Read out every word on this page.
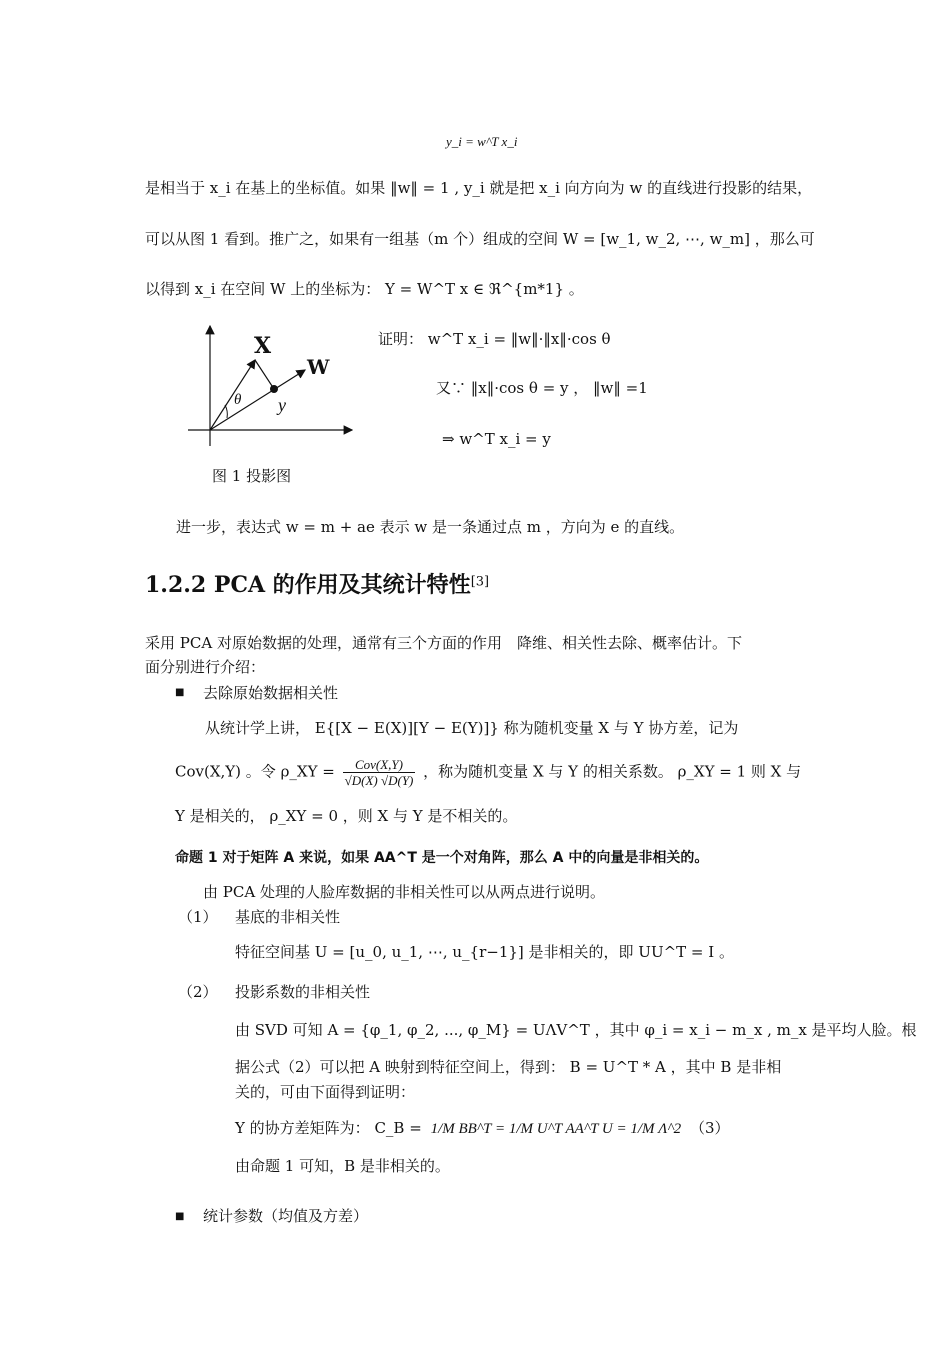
y_i = w^T x_i
是相当于 x_i 在基上的坐标值。如果 ‖w‖ = 1 , y_i 就是把 x_i 向方向为 w 的直线进行投影的结果，
可以从图 1 看到。推广之，如果有一组基（m 个）组成的空间 W = [w_1, w_2, ⋯, w_m] ，那么可
以得到 x_i 在空间 W 上的坐标为： Y = W^T x ∈ ℜ^{m*1} 。
X
W
θ y
图 1 投影图
证明： w^T x_i = ‖w‖·‖x‖·cos θ
又∵ ‖x‖·cos θ = y ， ‖w‖ =1
⇒ w^T x_i = y
进一步，表达式 w = m + ae 表示 w 是一条通过点 m ，方向为 e 的直线。
1.2.2 PCA 的作用及其统计特性[3]
采用 PCA 对原始数据的处理，通常有三个方面的作用　降维、相关性去除、概率估计。下
面分别进行介绍：
■ 去除原始数据相关性
从统计学上讲， E{[X − E(X)][Y − E(Y)]} 称为随机变量 X 与 Y 协方差，记为
Cov(X,Y) 。令 ρ_XY = $\frac{\text{Cov(X,Y)}}{√D(X) √D(Y)}$ ，称为随机变量 X 与 Y 的相关系数。 ρ_XY = 1 则 X 与
Y 是相关的， ρ_XY = 0 ，则 X 与 Y 是不相关的。
命题 1 对于矩阵 A 来说，如果 AA^T 是一个对角阵，那么 A 中的向量是非相关的。
由 PCA 处理的人脸库数据的非相关性可以从两点进行说明。
（1） 基底的非相关性
特征空间基 U = [u_0, u_1, ⋯, u_{r−1}] 是非相关的，即 UU^T = I 。
（2） 投影系数的非相关性
由 SVD 可知 A = {φ_1, φ_2, ..., φ_M} = UΛV^T ，其中 φ_i = x_i − m_x , m_x 是平均人脸。根
据公式（2）可以把 A 映射到特征空间上，得到： B = U^T * A ，其中 B 是非相
关的，可由下面得到证明：
Y 的协方差矩阵为： C_B = 1/M BB^T = 1/M U^T AA^T U = 1/M Λ^2 （3）
由命题 1 可知，B 是非相关的。
■ 统计参数（均值及方差）
